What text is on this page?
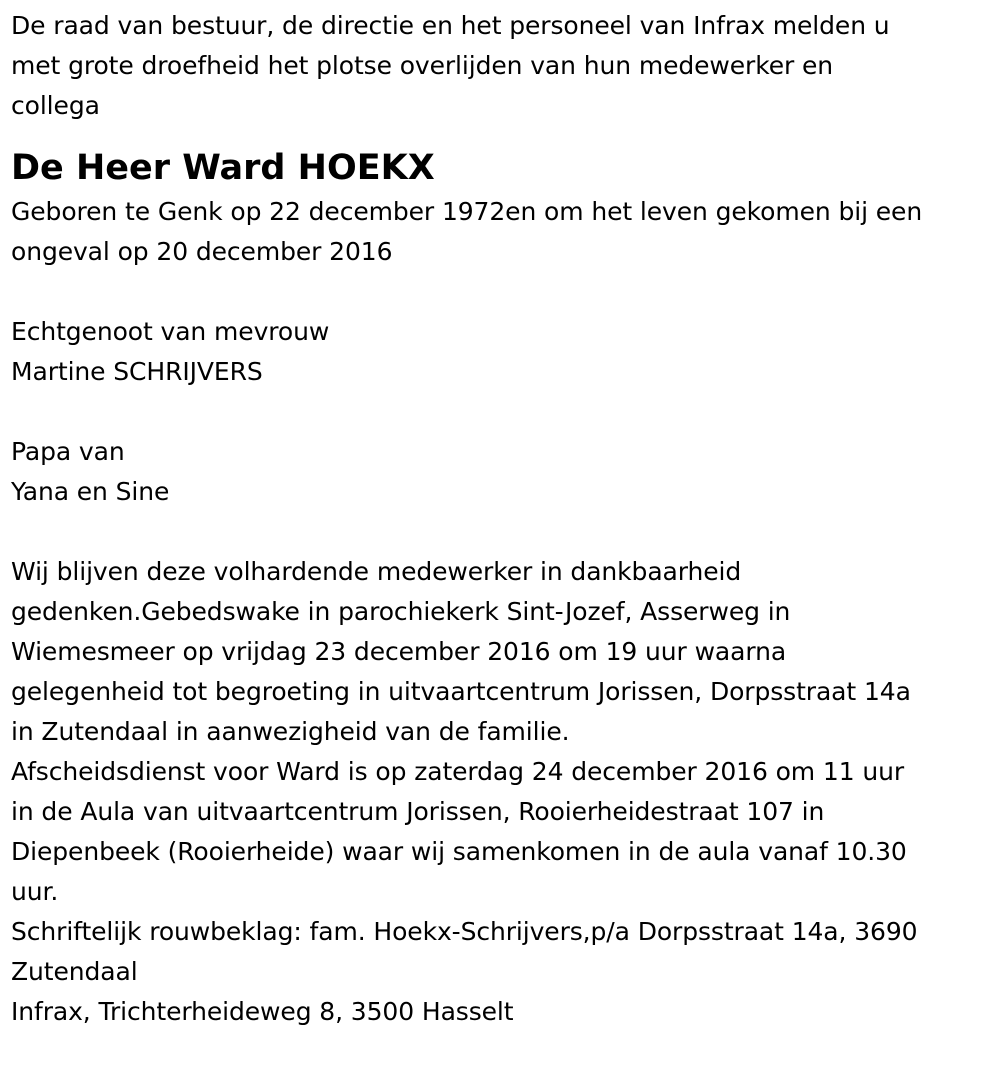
De raad van bestuur, de directie en het personeel van Infrax melden u
met grote droefheid het plotse overlijden van hun medewerker en
collega
De Heer Ward HOEKX
Geboren te Genk op 22 december 1972en om het leven gekomen bij een
ongeval op 20 december 2016
Echtgenoot van mevrouw
Martine SCHRIJVERS
Papa van
Yana en Sine
Wij blijven deze volhardende medewerker in dankbaarheid
gedenken.Gebedswake in parochiekerk Sint-Jozef, Asserweg in
Wiemesmeer op vrijdag 23 december 2016 om 19 uur waarna
gelegenheid tot begroeting in uitvaartcentrum Jorissen, Dorpsstraat 14a
in Zutendaal in aanwezigheid van de familie.
Afscheidsdienst voor Ward is op zaterdag 24 december 2016 om 11 uur
in de Aula van uitvaartcentrum Jorissen, Rooierheidestraat 107 in
Diepenbeek (Rooierheide) waar wij samenkomen in de aula vanaf 10.30
uur.
Schriftelijk rouwbeklag: fam. Hoekx-Schrijvers,p/a Dorpsstraat 14a, 3690
Zutendaal
Infrax, Trichterheideweg 8, 3500 Hasselt
